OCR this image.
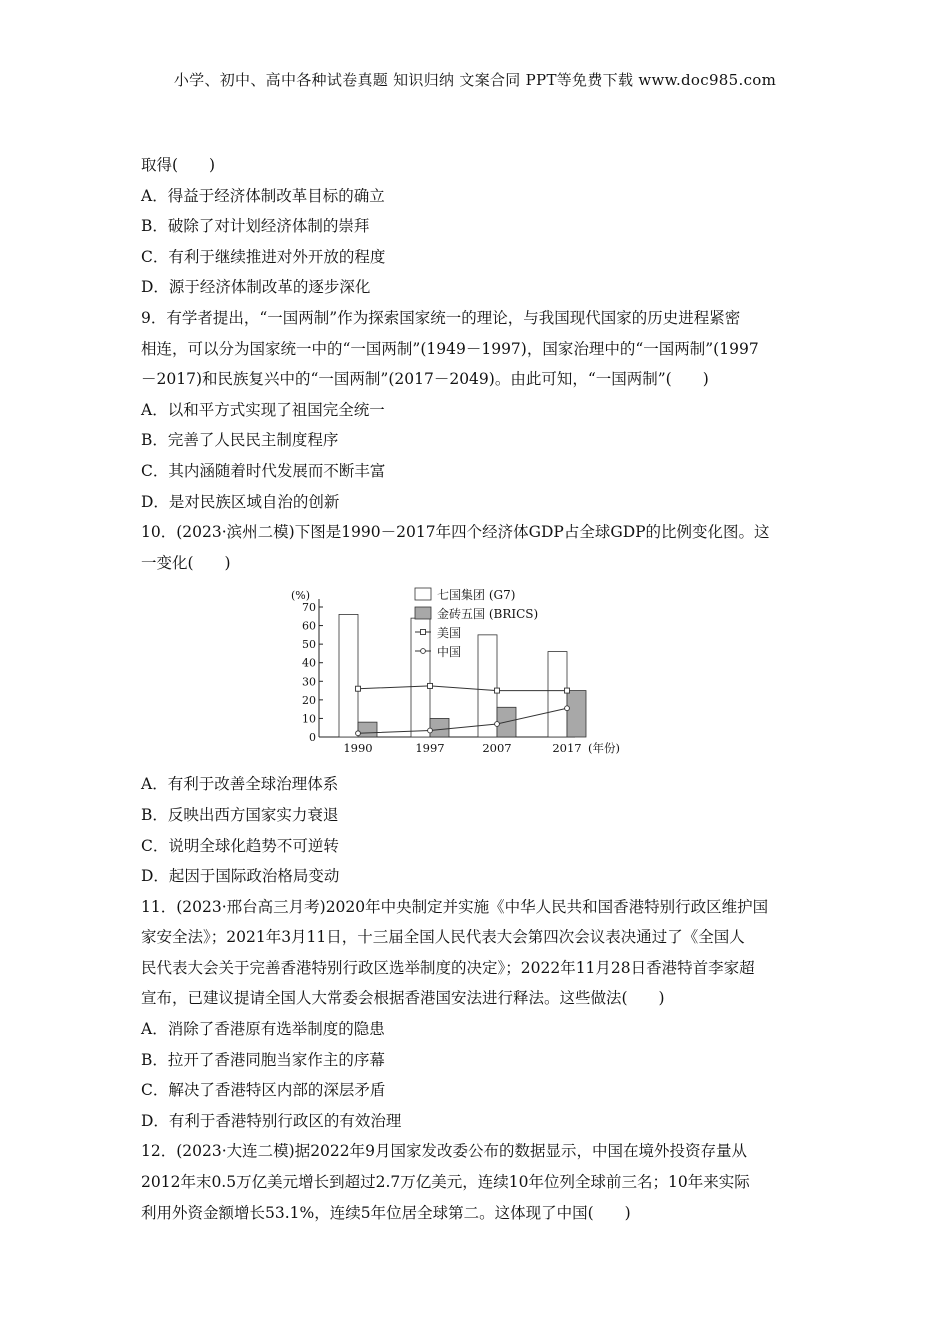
小学、初中、高中各种试卷真题 知识归纳 文案合同 PPT等免费下载 www.doc985.com
取得(　　)
A．得益于经济体制改革目标的确立
B．破除了对计划经济体制的崇拜
C．有利于继续推进对外开放的程度
D．源于经济体制改革的逐步深化
9．有学者提出，“一国两制”作为探索国家统一的理论，与我国现代国家的历史进程紧密
相连，可以分为国家统一中的“一国两制”(1949－1997)，国家治理中的“一国两制”(1997
－2017)和民族复兴中的“一国两制”(2017－2049)。由此可知，“一国两制”(　　)
A．以和平方式实现了祖国完全统一
B．完善了人民民主制度程序
C．其内涵随着时代发展而不断丰富
D．是对民族区域自治的创新
10．(2023·滨州二模)下图是1990－2017年四个经济体GDP占全球GDP的比例变化图。这
一变化(　　)
0
10
20
30
40
50
60
70
(%)
1990	1997	2007	2017 (年份)
七国集团 (G7)
金砖五国 (BRICS)
美国
中国
A．有利于改善全球治理体系
B．反映出西方国家实力衰退
C．说明全球化趋势不可逆转
D．起因于国际政治格局变动
11．(2023·邢台高三月考)2020年中央制定并实施《中华人民共和国香港特别行政区维护国
家安全法》；2021年3月11日，十三届全国人民代表大会第四次会议表决通过了《全国人
民代表大会关于完善香港特别行政区选举制度的决定》；2022年11月28日香港特首李家超
宣布，已建议提请全国人大常委会根据香港国安法进行释法。这些做法(　　)
A．消除了香港原有选举制度的隐患
B．拉开了香港同胞当家作主的序幕
C．解决了香港特区内部的深层矛盾
D．有利于香港特别行政区的有效治理
12．(2023·大连二模)据2022年9月国家发改委公布的数据显示，中国在境外投资存量从
2012年末0.5万亿美元增长到超过2.7万亿美元，连续10年位列全球前三名；10年来实际
利用外资金额增长53.1%，连续5年位居全球第二。这体现了中国(　　)
